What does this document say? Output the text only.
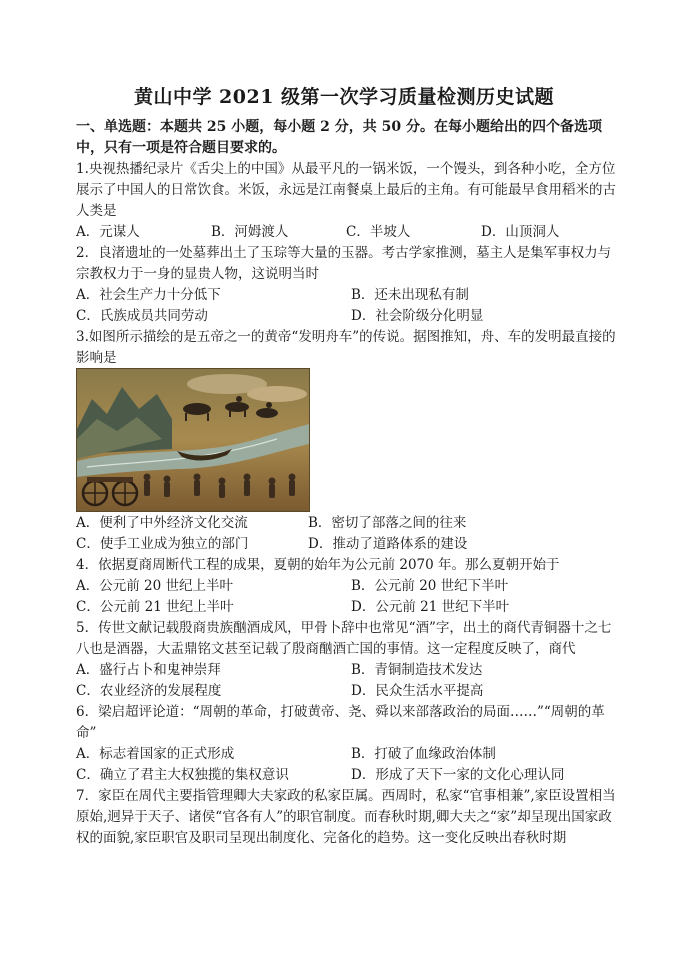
黄山中学 2021 级第一次学习质量检测历史试题
一、单选题：本题共 25 小题，每小题 2 分，共 50 分。在每小题给出的四个备选项中，只有一项是符合题目要求的。

1.央视热播纪录片《舌尖上的中国》从最平凡的一锅米饭，一个馒头，到各种小吃，全方位展示了中国人的日常饮食。米饭，永远是江南餐桌上最后的主角。有可能最早食用稻米的古人类是

A．元谋人	B．河姆渡人	C．半坡人	D．山顶洞人

2．良渚遗址的一处墓葬出土了玉琮等大量的玉器。考古学家推测，墓主人是集军事权力与宗教权力于一身的显贵人物，这说明当时

A．社会生产力十分低下	B．还未出现私有制
C．氏族成员共同劳动	D．社会阶级分化明显

3.如图所示描绘的是五帝之一的黄帝“发明舟车”的传说。据图推知，舟、车的发明最直接的影响是

A．便利了中外经济文化交流	B．密切了部落之间的往来
C．使手工业成为独立的部门	D．推动了道路体系的建设

4．依据夏商周断代工程的成果，夏朝的始年为公元前 2070 年。那么夏朝开始于

A．公元前 20 世纪上半叶	B．公元前 20 世纪下半叶
C．公元前 21 世纪上半叶	D．公元前 21 世纪下半叶

5．传世文献记载殷商贵族酗酒成风，甲骨卜辞中也常见“酒”字，出土的商代青铜器十之七八也是酒器，大盂鼎铭文甚至记载了殷商酗酒亡国的事情。这一定程度反映了，商代

A．盛行占卜和鬼神崇拜	B．青铜制造技术发达
C．农业经济的发展程度	D．民众生活水平提高

6．梁启超评论道：“周朝的革命，打破黄帝、尧、舜以来部落政治的局面……”“周朝的革命”

A．标志着国家的正式形成	B．打破了血缘政治体制
C．确立了君主大权独揽的集权意识	D．形成了天下一家的文化心理认同

7．家臣在周代主要指管理卿大夫家政的私家臣属。西周时，私家“官事相兼”,家臣设置相当原始,迥异于天子、诸侯“官各有人”的职官制度。而春秋时期,卿大夫之“家”却呈现出国家政权的面貌,家臣职官及职司呈现出制度化、完备化的趋势。这一变化反映出春秋时期
